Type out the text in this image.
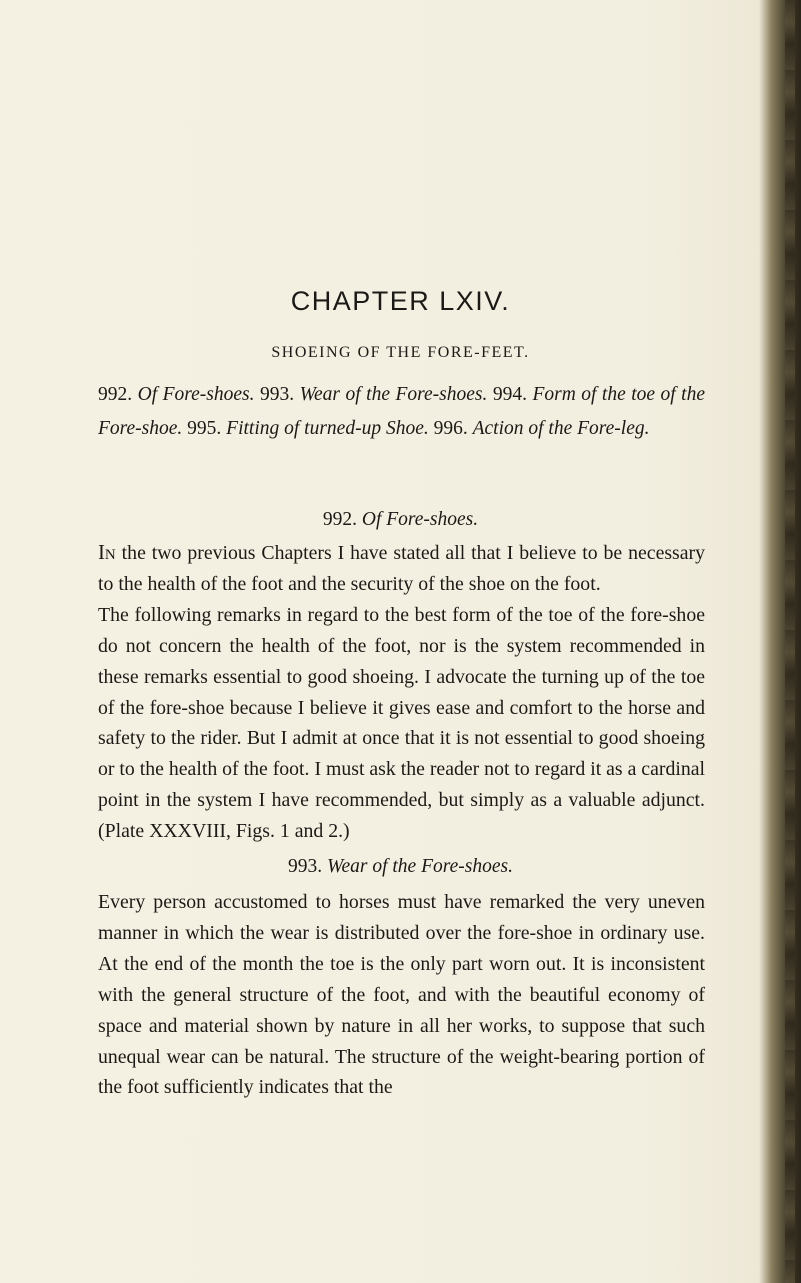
CHAPTER LXIV.
SHOEING OF THE FORE-FEET.
992. Of Fore-shoes. 993. Wear of the Fore-shoes. 994. Form of the toe of the Fore-shoe. 995. Fitting of turned-up Shoe. 996. Action of the Fore-leg.
992. Of Fore-shoes.

In the two previous Chapters I have stated all that I believe to be necessary to the health of the foot and the security of the shoe on the foot.

The following remarks in regard to the best form of the toe of the fore-shoe do not concern the health of the foot, nor is the system recommended in these remarks essential to good shoeing. I advocate the turning up of the toe of the fore-shoe because I believe it gives ease and comfort to the horse and safety to the rider. But I admit at once that it is not essential to good shoeing or to the health of the foot. I must ask the reader not to regard it as a cardinal point in the system I have recommended, but simply as a valuable adjunct. (Plate XXXVIII, Figs. 1 and 2.)

993. Wear of the Fore-shoes.

Every person accustomed to horses must have remarked the very uneven manner in which the wear is distributed over the fore-shoe in ordinary use. At the end of the month the toe is the only part worn out. It is inconsistent with the general structure of the foot, and with the beautiful economy of space and material shown by nature in all her works, to suppose that such unequal wear can be natural. The structure of the weight-bearing portion of the foot sufficiently indicates that the
